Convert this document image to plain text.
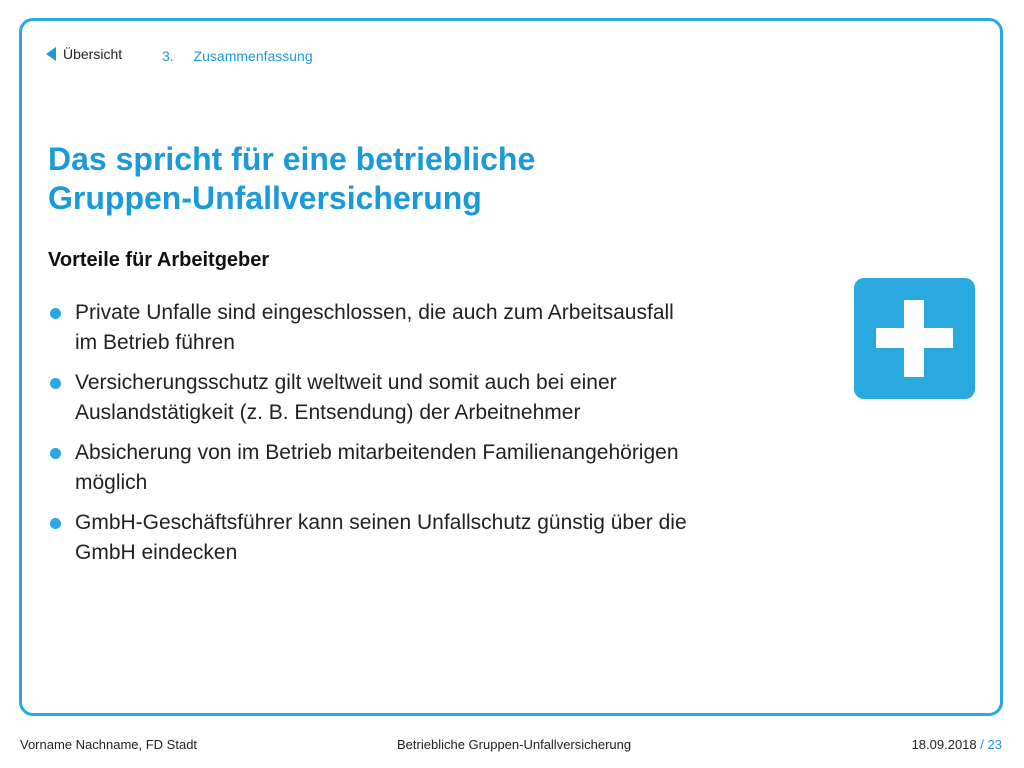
Übersicht	3. Zusammenfassung
Das spricht für eine betriebliche
Gruppen-Unfallversicherung
Vorteile für Arbeitgeber
Private Unfalle sind eingeschlossen, die auch zum Arbeitsausfall
im Betrieb führen
Versicherungsschutz gilt weltweit und somit auch bei einer
Auslandstätigkeit (z. B. Entsendung) der Arbeitnehmer
Absicherung von im Betrieb mitarbeitenden Familienangehörigen
möglich
GmbH-Geschäftsführer kann seinen Unfallschutz günstig über die
GmbH eindecken
Vorname Nachname, FD Stadt	Betriebliche Gruppen-Unfallversicherung	18.09.2018 / 23
